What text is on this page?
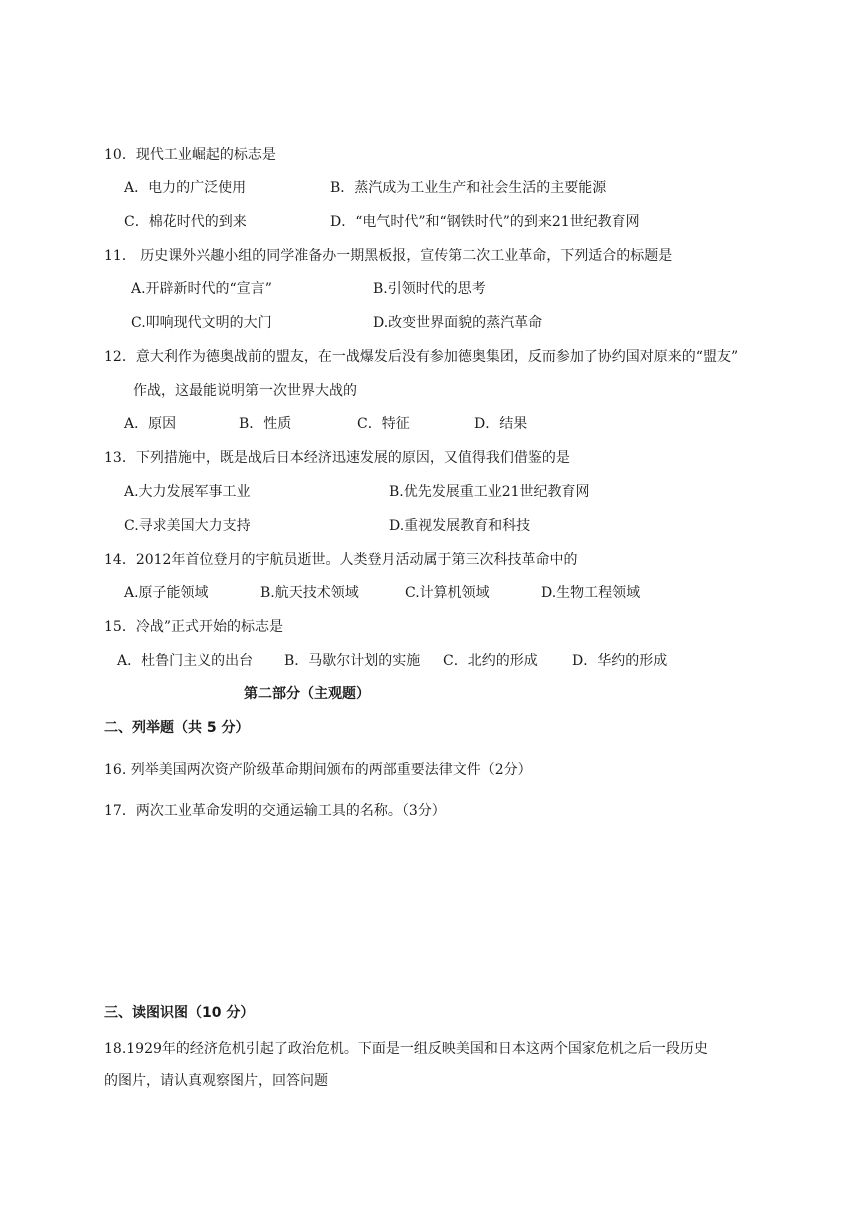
10．现代工业崛起的标志是
A．电力的广泛使用	B．蒸汽成为工业生产和社会生活的主要能源
C．棉花时代的到来	D．“电气时代”和“钢铁时代”的到来21世纪教育网
11． 历史课外兴趣小组的同学准备办一期黑板报，宣传第二次工业革命，下列适合的标题是
A.开辟新时代的“宣言”	B.引领时代的思考
C.叩响现代文明的大门	D.改变世界面貌的蒸汽革命
12．意大利作为德奥战前的盟友，在一战爆发后没有参加德奥集团，反而参加了协约国对原来的“盟友”
作战，这最能说明第一次世界大战的
A．原因	B．性质	C．特征	D．结果
13．下列措施中，既是战后日本经济迅速发展的原因，又值得我们借鉴的是
A.大力发展军事工业	B.优先发展重工业21世纪教育网
C.寻求美国大力支持	D.重视发展教育和科技
14．2012年首位登月的宇航员逝世。人类登月活动属于第三次科技革命中的
A.原子能领域	B.航天技术领域	C.计算机领域	D.生物工程领域
15．冷战”正式开始的标志是
A．杜鲁门主义的出台 B．马歇尔计划的实施 C．北约的形成 D．华约的形成
第二部分（主观题）
二、列举题（共 5 分）
16. 列举美国两次资产阶级革命期间颁布的两部重要法律文件（2分）
17．两次工业革命发明的交通运输工具的名称。（3分）
三、读图识图（10 分）
18.1929年的经济危机引起了政治危机。下面是一组反映美国和日本这两个国家危机之后一段历史
的图片，请认真观察图片，回答问题
